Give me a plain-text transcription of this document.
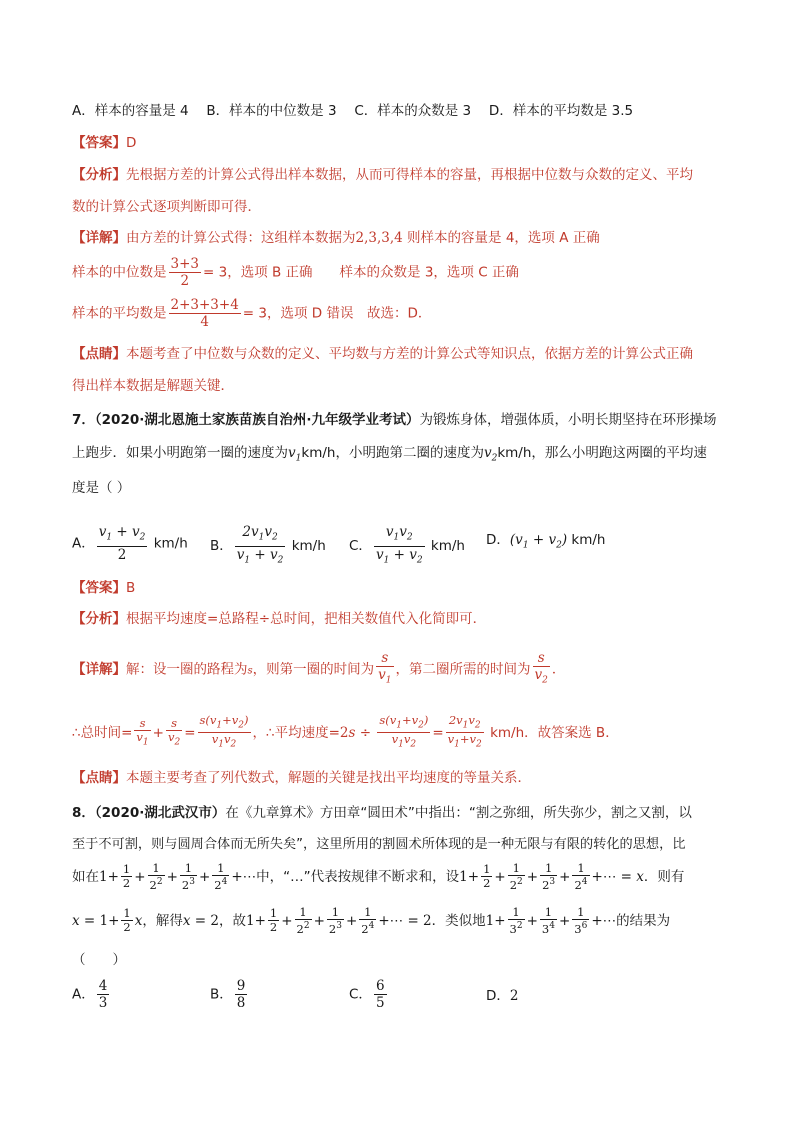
A．样本的容量是 4 　B．样本的中位数是 3 　C．样本的众数是 3 　D．样本的平均数是 3.5
【答案】D
【分析】先根据方差的计算公式得出样本数据，从而可得样本的容量，再根据中位数与众数的定义、平均
数的计算公式逐项判断即可得．
【详解】由方差的计算公式得：这组样本数据为2,3,3,4 则样本的容量是 4，选项 A 正确
样本的中位数是 $\frac{3+3}{2} = 3$，选项 B 正确　　样本的众数是 3，选项 C 正确
样本的平均数是 $\frac{2+3+3+4}{4} = 3$，选项 D 错误　故选：D．
【点睛】本题考查了中位数与众数的定义、平均数与方差的计算公式等知识点，依据方差的计算公式正确
得出样本数据是解题关键．
7．（2020·湖北恩施土家族苗族自治州·九年级学业考试）为锻炼身体，增强体质，小明长期坚持在环形操场
上跑步．如果小明跑第一圈的速度为$v_1km/h$，小明跑第二圈的速度为$v_2km/h$，那么小明跑这两圈的平均速
度是（ ）
A． $\frac{v_1 + v_2}{2} km/h$ B． $\frac{2v_1v_2}{v_1 + v_2} km/h$ C． $\frac{v_1v_2}{v_1 + v_2} km/h$ D．$(v_1 + v_2)$ km/h
【答案】B
【分析】根据平均速度=总路程÷总时间，把相关数值代入化简即可．
【详解】解：设一圈的路程为s，则第一圈的时间为 $\frac{s}{v_1}$ ，第二圈所需的时间为 $\frac{s}{v_2}$ ．
∴总时间= $\frac{s}{v_1} + \frac{s}{v_2} = \frac{s(v_1+v_2)}{v_1v_2}$ ，∴平均速度$=2s \div \frac{s(v_1+v_2)}{v_1v_2} = \frac{2v_1v_2}{v_1+v_2} km/h$．故答案选 B．
【点睛】本题主要考查了列代数式，解题的关键是找出平均速度的等量关系．
8．（2020·湖北武汉市）在《九章算术》方田章“圆田术”中指出：“割之弥细，所失弥少，割之又割，以
至于不可割，则与圆周合体而无所失矣”，这里所用的割圆术所体现的是一种无限与有限的转化的思想，比
如在$1+ \frac{1}{2} + \frac{1}{2^2} + \frac{1}{2^3} + \frac{1}{2^4}$ +⋯中，“…”代表按规律不断求和，设$1+ \frac{1}{2} + \frac{1}{2^2} + \frac{1}{2^3} + \frac{1}{2^4}$ +⋯ = x．则有
$x = 1+ \frac{1}{2}$ x，解得x = 2，故$1+ \frac{1}{2} + \frac{1}{2^2} + \frac{1}{2^3} + \frac{1}{2^4}$ +⋯ = 2．类似地$1+ \frac{1}{3^2} + \frac{1}{3^4} + \frac{1}{3^6}$ +⋯的结果为
（　　）
A． $\frac{4}{3}$	B． $\frac{9}{8}$	C． $\frac{6}{5}$	D．2
